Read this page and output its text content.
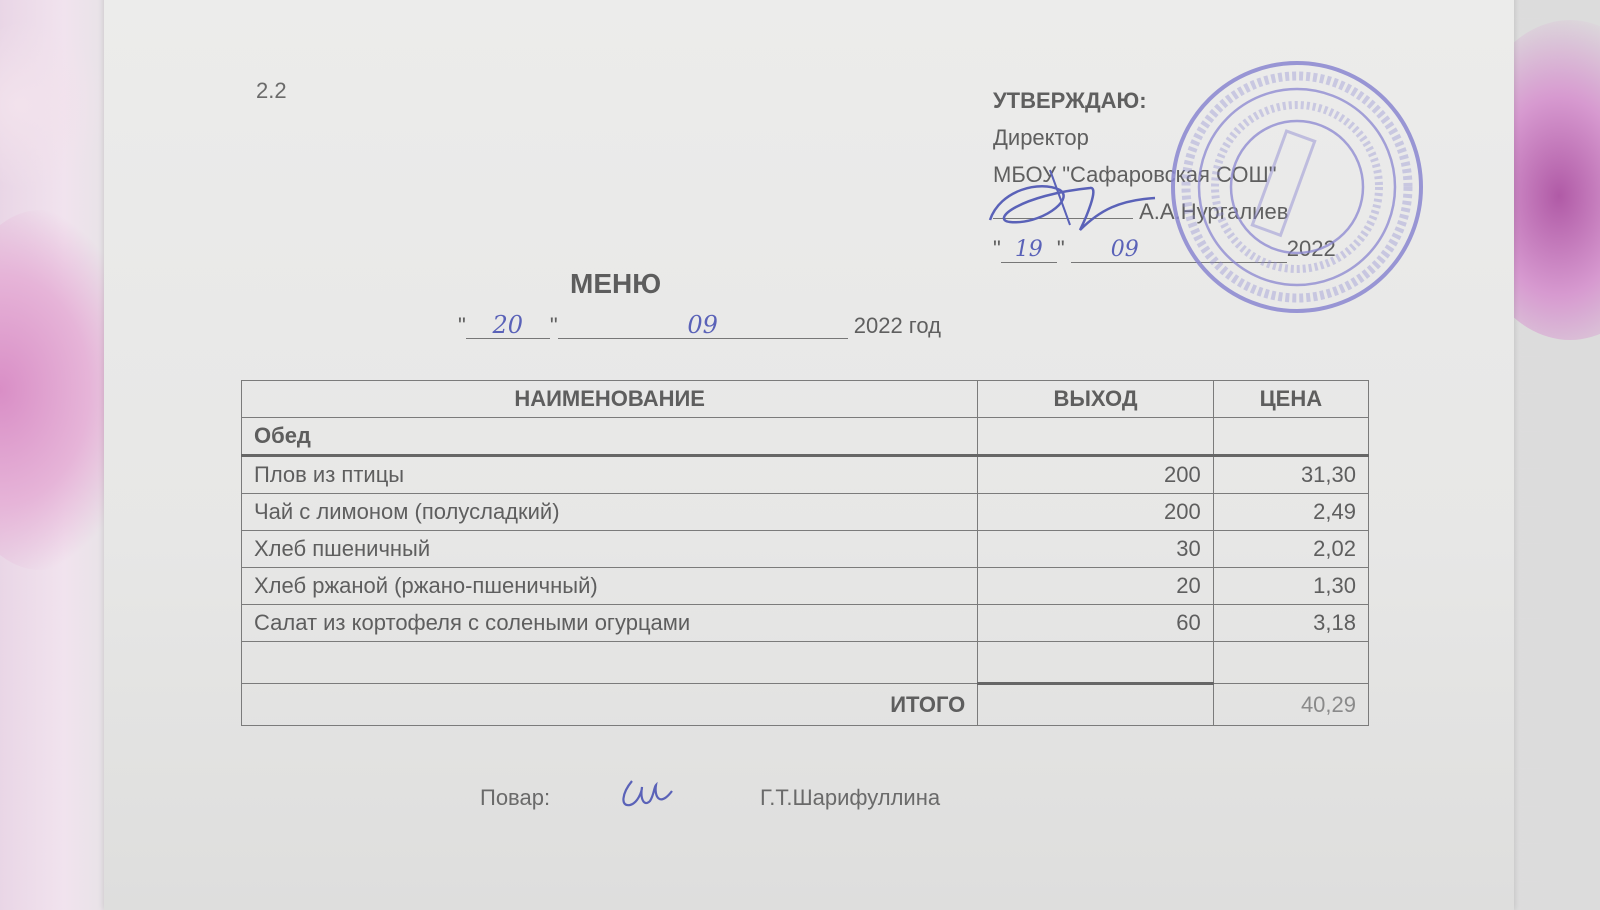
2.2	УТВЕРЖДАЮ:
Директор
МБОУ "Сафаровская СОШ"
А.А.Нургалиев
" 19 " 09	2022
МЕНЮ
" 20 "	09	2022 год
НАИМЕНОВАНИЕ	ВЫХОД	ЦЕНА
Обед		
Плов из птицы	200	31,30
Чай с лимоном (полусладкий)	200	2,49
Хлеб пшеничный	30	2,02
Хлеб ржаной (ржано-пшеничный)	20	1,30
Салат из кортофеля с солеными огурцами	60	3,18

ИТОГО		40,29
Повар:	Г.Т.Шарифуллина
